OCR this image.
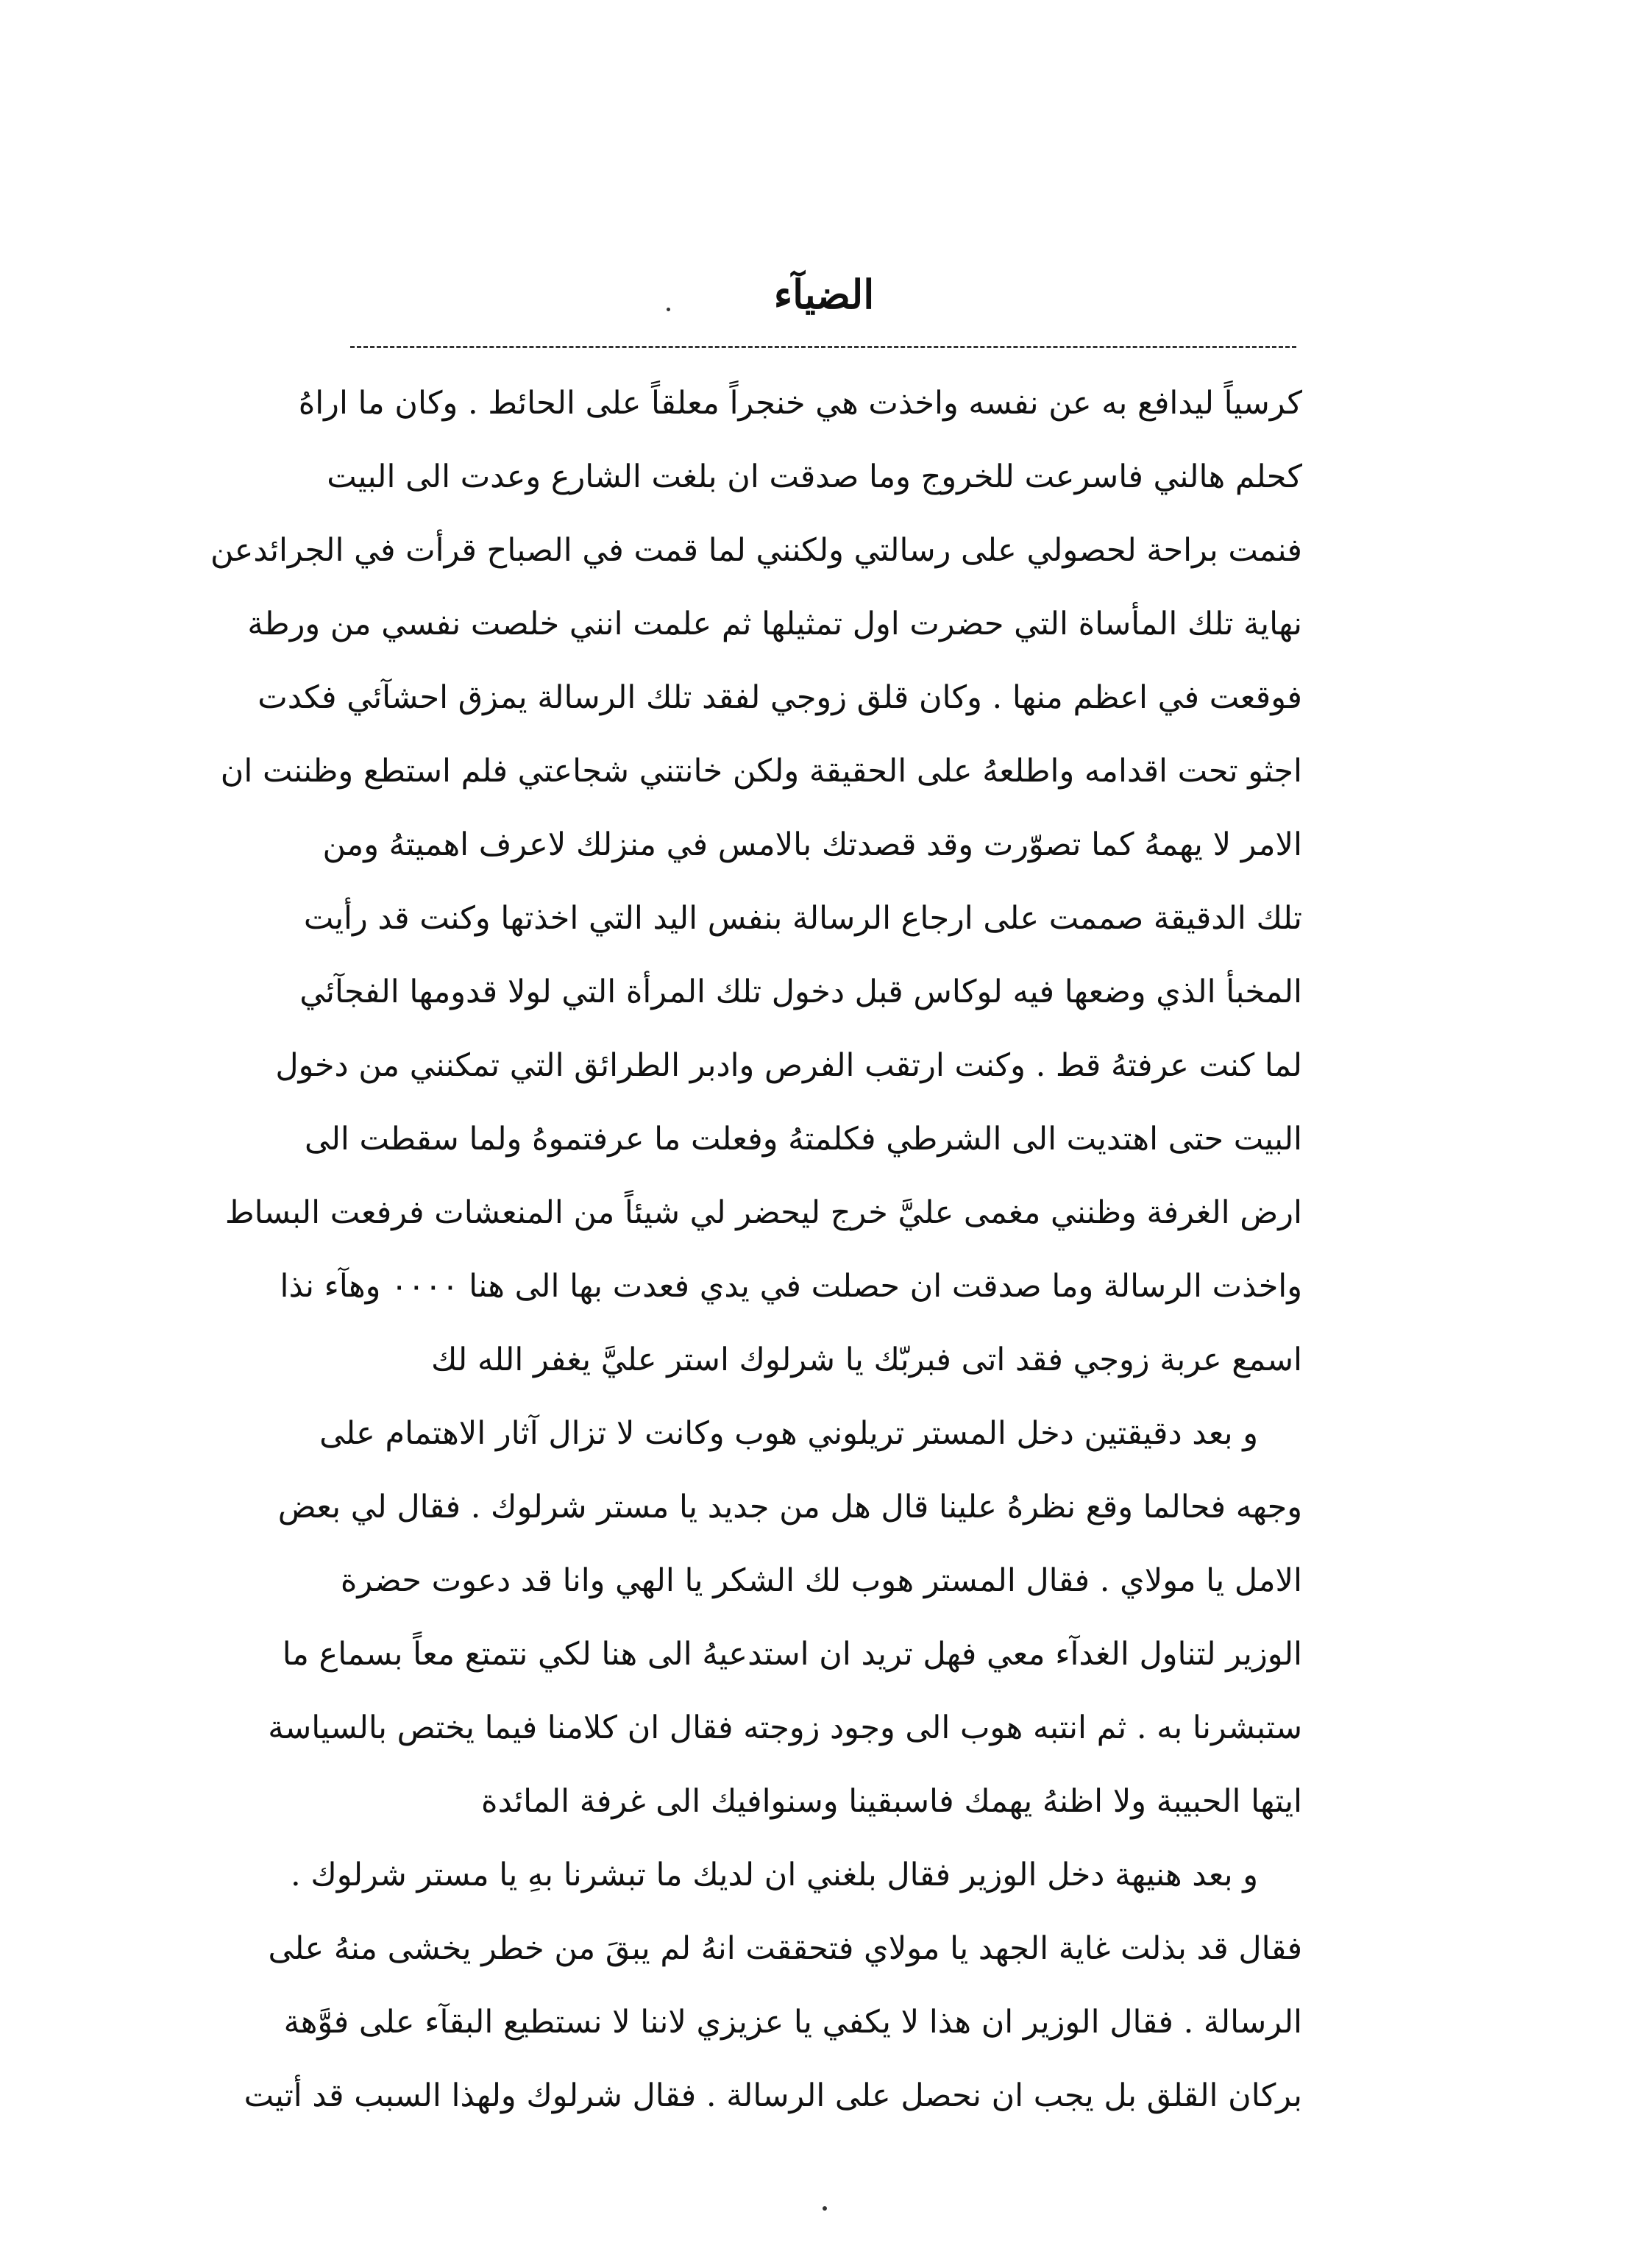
الضيآء
كرسياً ليدافع به عن نفسه واخذت هي خنجراً معلقاً على الحائط . وكان ما اراهُ
كحلم هالني فاسرعت للخروج وما صدقت ان بلغت الشارع وعدت الى البيت
فنمت براحة لحصولي على رسالتي ولكنني لما قمت في الصباح قرأت في الجرائدعن
نهاية تلك المأساة التي حضرت اول تمثيلها ثم علمت انني خلصت نفسي من ورطة
فوقعت في اعظم منها . وكان قلق زوجي لفقد تلك الرسالة يمزق احشآئي فكدت
اجثو تحت اقدامه واطلعهُ على الحقيقة ولكن خانتني شجاعتي فلم استطع وظننت ان
الامر لا يهمهُ كما تصوّرت وقد قصدتك بالامس في منزلك لاعرف اهميتهُ ومن
تلك الدقيقة صممت على ارجاع الرسالة بنفس اليد التي اخذتها وكنت قد رأيت
المخبأ الذي وضعها فيه لوكاس قبل دخول تلك المرأة التي لولا قدومها الفجآئي
لما كنت عرفتهُ قط . وكنت ارتقب الفرص وادبر الطرائق التي تمكنني من دخول
البيت حتى اهتديت الى الشرطي فكلمتهُ وفعلت ما عرفتموهُ ولما سقطت الى
ارض الغرفة وظنني مغمى عليَّ خرج ليحضر لي شيئاً من المنعشات فرفعت البساط
واخذت الرسالة وما صدقت ان حصلت في يدي فعدت بها الى هنا ٠٠٠٠ وهآء نذا
اسمع عربة زوجي فقد اتى فبربّك يا شرلوك استر عليَّ يغفر الله لك
و بعد دقيقتين دخل المستر تريلوني هوب وكانت لا تزال آثار الاهتمام على
وجهه فحالما وقع نظرهُ علينا قال هل من جديد يا مستر شرلوك . فقال لي بعض
الامل يا مولاي . فقال المستر هوب لك الشكر يا الهي وانا قد دعوت حضرة
الوزير لتناول الغدآء معي فهل تريد ان استدعيهُ الى هنا لكي نتمتع معاً بسماع ما
ستبشرنا به . ثم انتبه هوب الى وجود زوجته فقال ان كلامنا فيما يختص بالسياسة
ايتها الحبيبة ولا اظنهُ يهمك فاسبقينا وسنوافيك الى غرفة المائدة
و بعد هنيهة دخل الوزير فقال بلغني ان لديك ما تبشرنا بهِ يا مستر شرلوك .
فقال قد بذلت غاية الجهد يا مولاي فتحققت انهُ لم يبقَ من خطر يخشى منهُ على
الرسالة . فقال الوزير ان هذا لا يكفي يا عزيزي لاننا لا نستطيع البقآء على فوَّهة
بركان القلق بل يجب ان نحصل على الرسالة . فقال شرلوك ولهذا السبب قد أتيت
